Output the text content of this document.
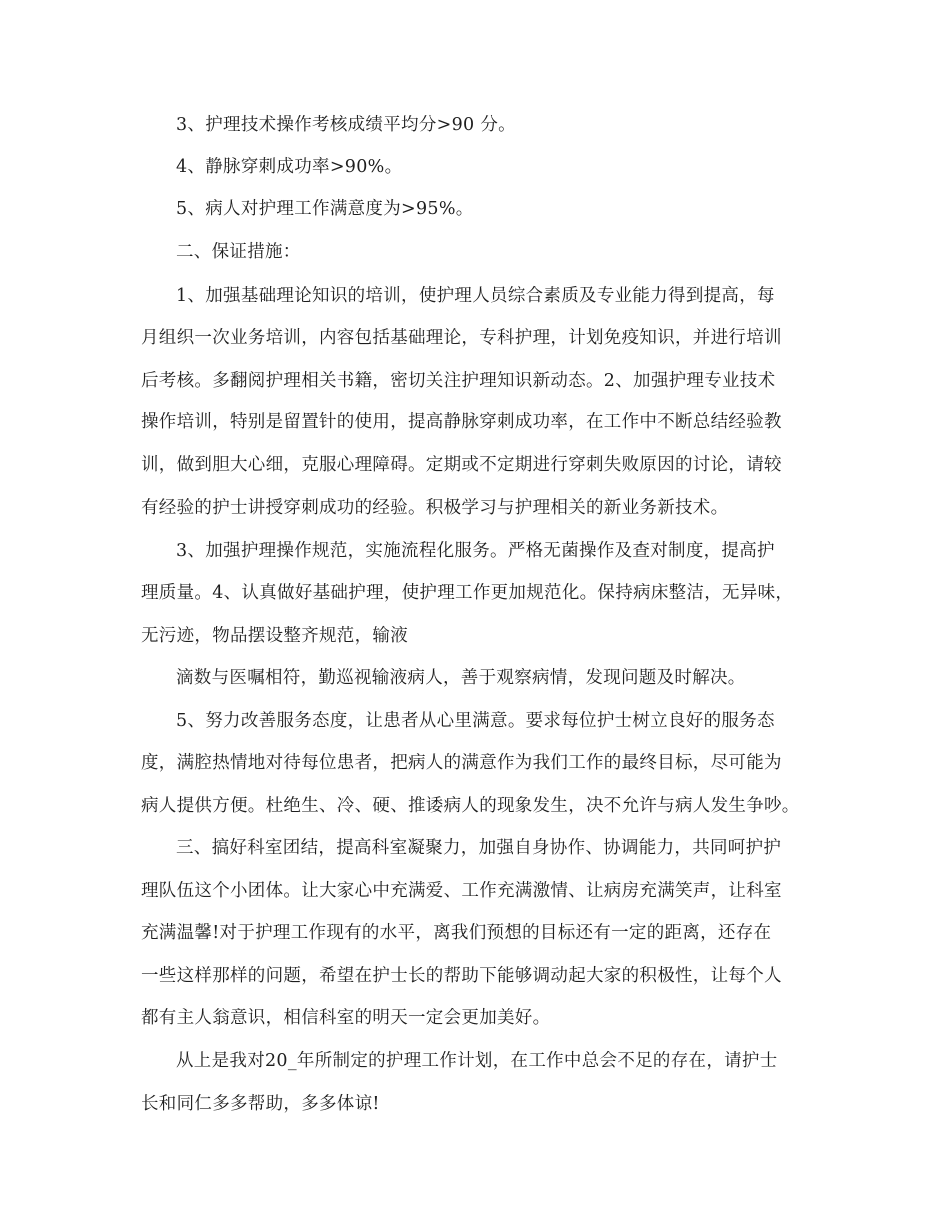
3、护理技术操作考核成绩平均分>90 分。
4、静脉穿刺成功率>90%。
5、病人对护理工作满意度为>95%。
二、保证措施：
1、加强基础理论知识的培训，使护理人员综合素质及专业能力得到提高，每
月组织一次业务培训，内容包括基础理论，专科护理，计划免疫知识，并进行培训
后考核。多翻阅护理相关书籍，密切关注护理知识新动态。2、加强护理专业技术
操作培训，特别是留置针的使用，提高静脉穿刺成功率，在工作中不断总结经验教
训，做到胆大心细，克服心理障碍。定期或不定期进行穿刺失败原因的讨论，请较
有经验的护士讲授穿刺成功的经验。积极学习与护理相关的新业务新技术。
3、加强护理操作规范，实施流程化服务。严格无菌操作及查对制度，提高护
理质量。4、认真做好基础护理，使护理工作更加规范化。保持病床整洁，无异味，
无污迹，物品摆设整齐规范，输液
滴数与医嘱相符，勤巡视输液病人，善于观察病情，发现问题及时解决。
5、努力改善服务态度，让患者从心里满意。要求每位护士树立良好的服务态
度，满腔热情地对待每位患者，把病人的满意作为我们工作的最终目标，尽可能为
病人提供方便。杜绝生、冷、硬、推诿病人的现象发生，决不允许与病人发生争吵。
三、搞好科室团结，提高科室凝聚力，加强自身协作、协调能力，共同呵护护
理队伍这个小团体。让大家心中充满爱、工作充满激情、让病房充满笑声，让科室
充满温馨!对于护理工作现有的水平，离我们预想的目标还有一定的距离，还存在
一些这样那样的问题，希望在护士长的帮助下能够调动起大家的积极性，让每个人
都有主人翁意识，相信科室的明天一定会更加美好。
从上是我对20_年所制定的护理工作计划，在工作中总会不足的存在，请护士
长和同仁多多帮助，多多体谅!
